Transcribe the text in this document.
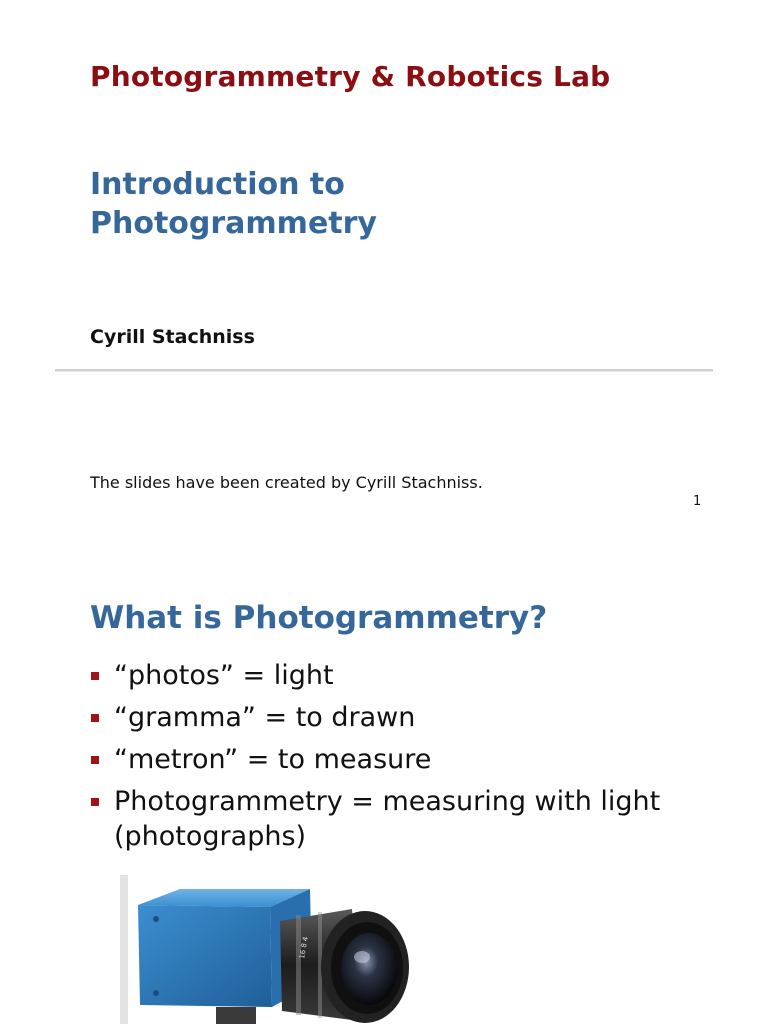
Photogrammetry & Robotics Lab
Introduction to Photogrammetry
Cyrill Stachniss
The slides have been created by Cyrill Stachniss.
1
What is Photogrammetry?
“photos” = light
“gramma” = to drawn
“metron” = to measure
Photogrammetry = measuring with light (photographs)
16 8 4
